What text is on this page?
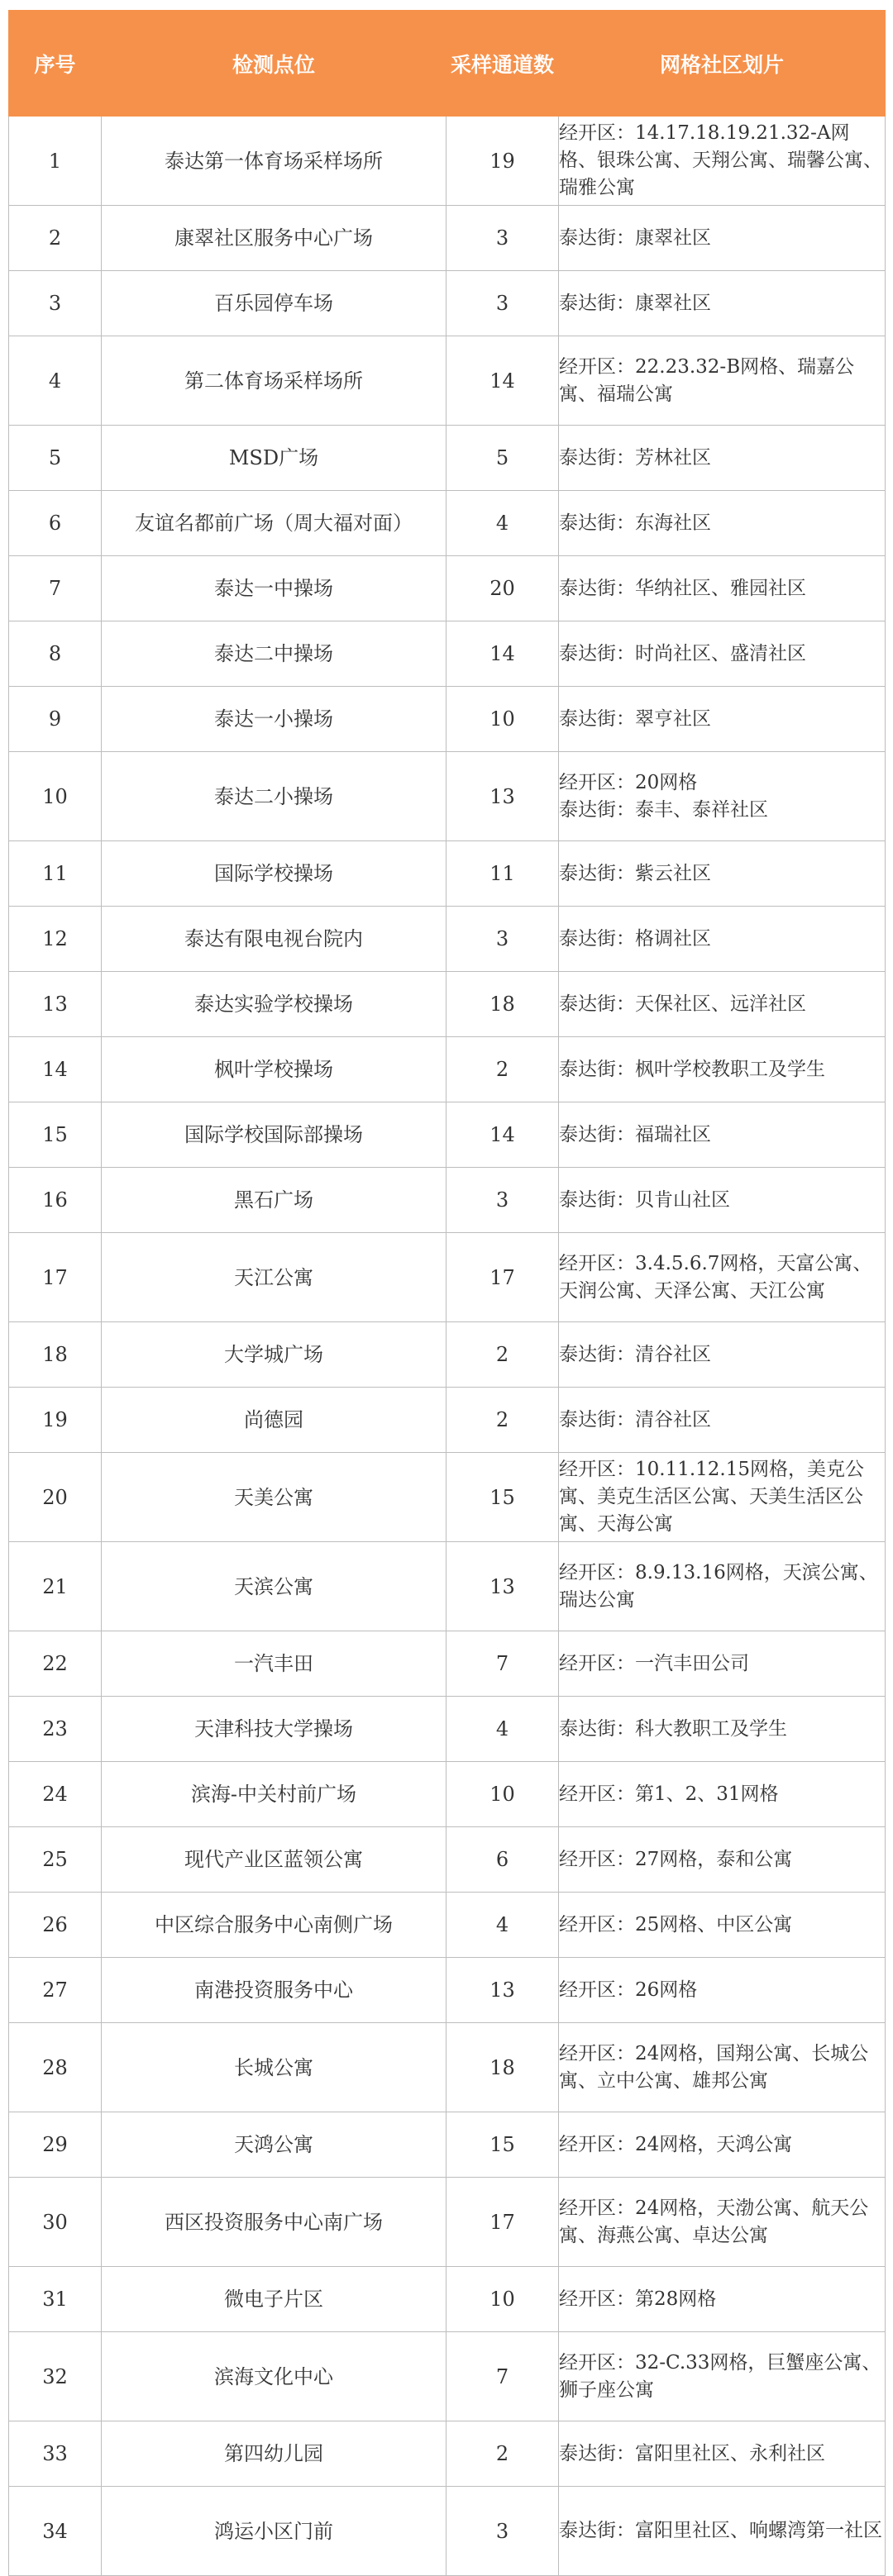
序号	检测点位	采样通道数	网格社区划片
1	泰达第一体育场采样场所	19	经开区：14.17.18.19.21.32-A网格、银珠公寓、天翔公寓、瑞馨公寓、瑞雅公寓
2	康翠社区服务中心广场	3	泰达街：康翠社区
3	百乐园停车场	3	泰达街：康翠社区
4	第二体育场采样场所	14	经开区：22.23.32-B网格、瑞嘉公寓、福瑞公寓
5	MSD广场	5	泰达街：芳林社区
6	友谊名都前广场（周大福对面）	4	泰达街：东海社区
7	泰达一中操场	20	泰达街：华纳社区、雅园社区
8	泰达二中操场	14	泰达街：时尚社区、盛清社区
9	泰达一小操场	10	泰达街：翠亨社区
10	泰达二小操场	13	经开区：20网格
泰达街：泰丰、泰祥社区
11	国际学校操场	11	泰达街：紫云社区
12	泰达有限电视台院内	3	泰达街：格调社区
13	泰达实验学校操场	18	泰达街：天保社区、远洋社区
14	枫叶学校操场	2	泰达街：枫叶学校教职工及学生
15	国际学校国际部操场	14	泰达街：福瑞社区
16	黑石广场	3	泰达街：贝肯山社区
17	天江公寓	17	经开区：3.4.5.6.7网格，天富公寓、天润公寓、天泽公寓、天江公寓
18	大学城广场	2	泰达街：清谷社区
19	尚德园	2	泰达街：清谷社区
20	天美公寓	15	经开区：10.11.12.15网格，美克公寓、美克生活区公寓、天美生活区公寓、天海公寓
21	天滨公寓	13	经开区：8.9.13.16网格，天滨公寓、瑞达公寓
22	一汽丰田	7	经开区：一汽丰田公司
23	天津科技大学操场	4	泰达街：科大教职工及学生
24	滨海-中关村前广场	10	经开区：第1、2、31网格
25	现代产业区蓝领公寓	6	经开区：27网格，泰和公寓
26	中区综合服务中心南侧广场	4	经开区：25网格、中区公寓
27	南港投资服务中心	13	经开区：26网格
28	长城公寓	18	经开区：24网格，国翔公寓、长城公寓、立中公寓、雄邦公寓
29	天鸿公寓	15	经开区：24网格，天鸿公寓
30	西区投资服务中心南广场	17	经开区：24网格，天渤公寓、航天公寓、海燕公寓、卓达公寓
31	微电子片区	10	经开区：第28网格
32	滨海文化中心	7	经开区：32-C.33网格，巨蟹座公寓、狮子座公寓
33	第四幼儿园	2	泰达街：富阳里社区、永利社区
34	鸿运小区门前	3	泰达街：富阳里社区、响螺湾第一社区
